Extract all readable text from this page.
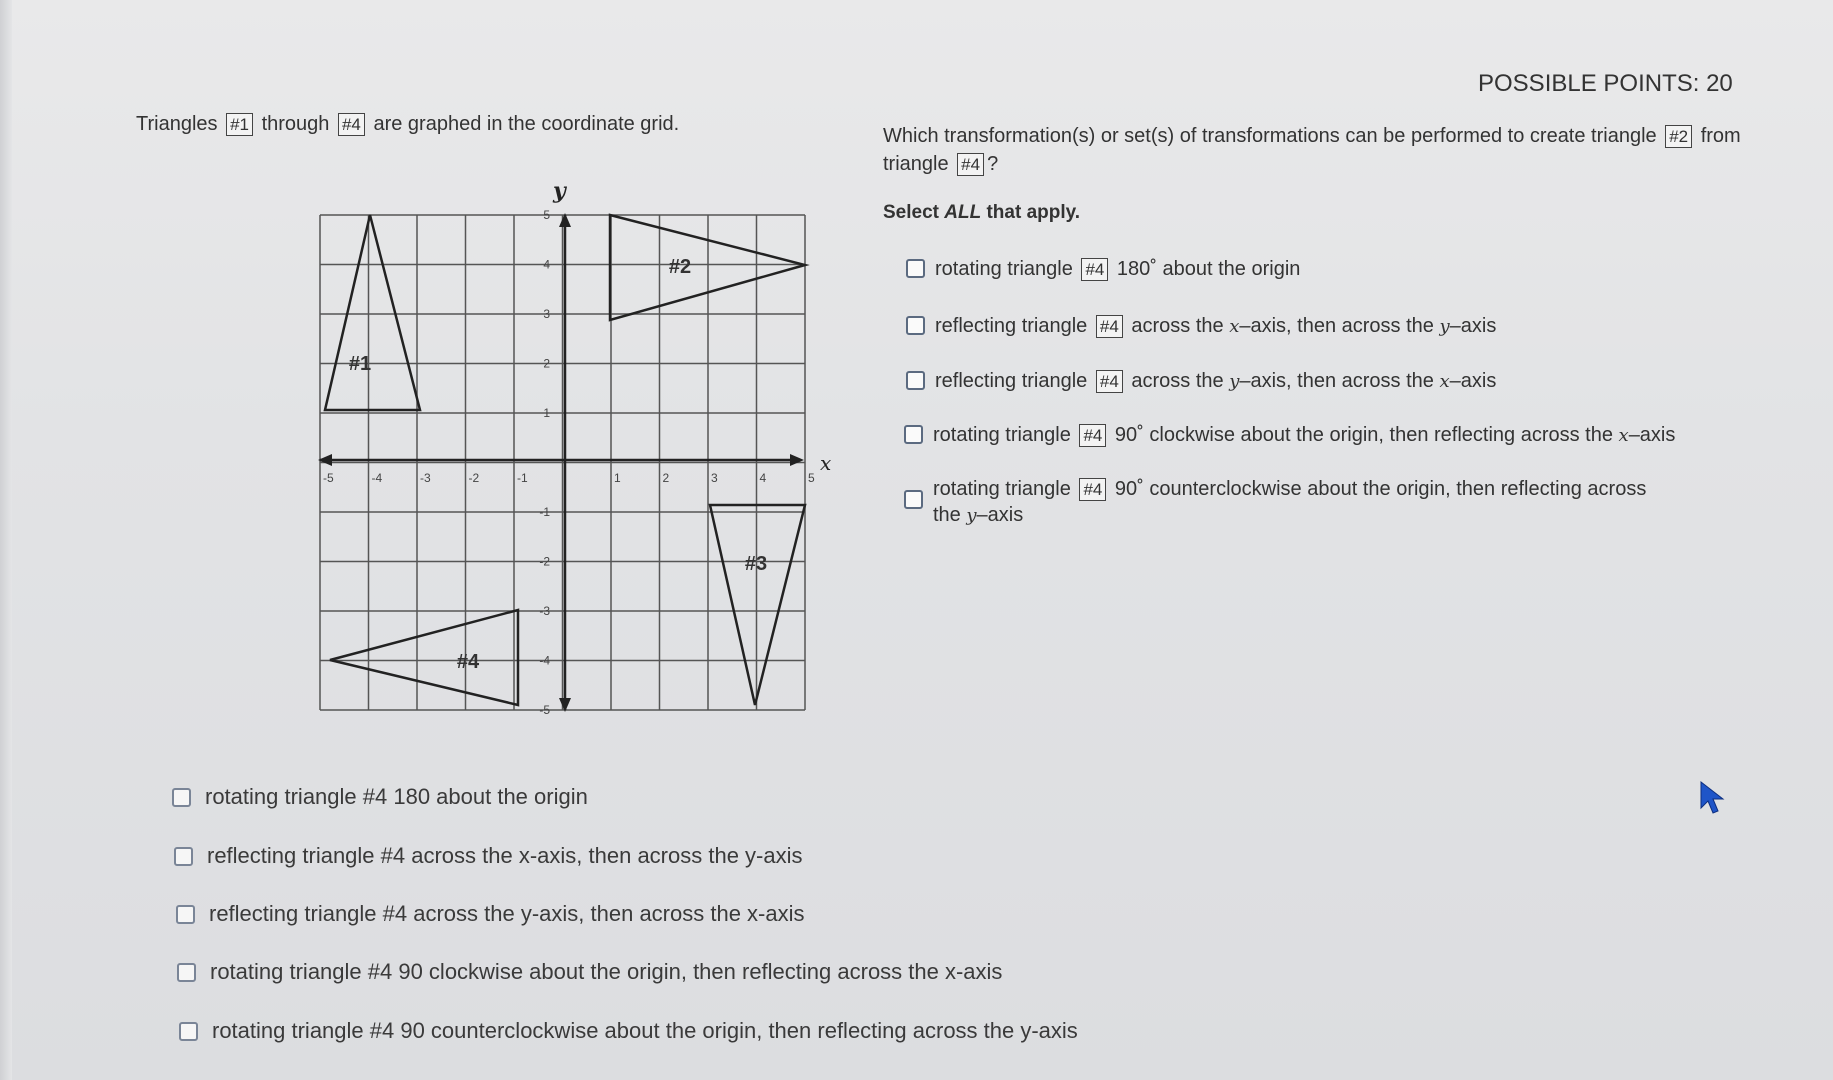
POSSIBLE POINTS: 20
Triangles #1 through #4 are graphed in the coordinate grid.
-5	-4	-3	-2	-1	1	2	3	4	5
5
4
3
2
1
-1
-2
-3
-4
-5
x
y
#1
#2
#3
#4
Which transformation(s) or set(s) of transformations can be performed to create triangle #2 from triangle #4 ?
Select ALL that apply.
rotating triangle #4 180˚ about the origin
reflecting triangle #4 across the x–axis, then across the y–axis
reflecting triangle #4 across the y–axis, then across the x–axis
rotating triangle #4 90˚ clockwise about the origin, then reflecting across the x–axis
rotating triangle #4 90˚ counterclockwise about the origin, then reflecting across the y–axis
rotating triangle #4 180 about the origin
reflecting triangle #4 across the x-axis, then across the y-axis
reflecting triangle #4 across the y-axis, then across the x-axis
rotating triangle #4 90 clockwise about the origin, then reflecting across the x-axis
rotating triangle #4 90 counterclockwise about the origin, then reflecting across the y-axis
